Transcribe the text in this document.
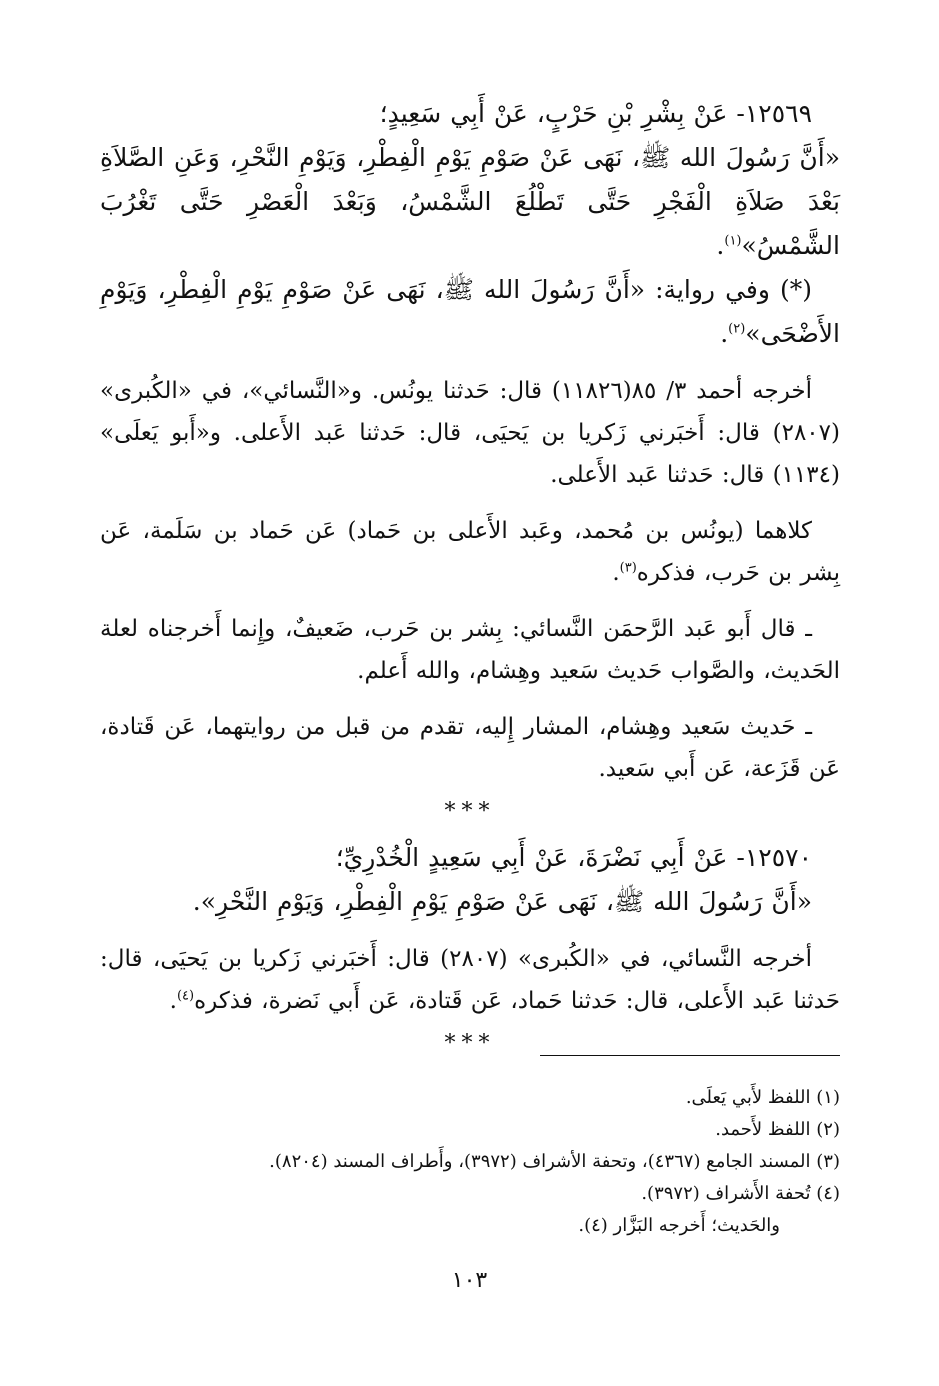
١٢٥٦٩- عَنْ بِشْرِ بْنِ حَرْبٍ، عَنْ أَبِي سَعِيدٍ؛

«أَنَّ رَسُولَ الله ﷺ، نَهَى عَنْ صَوْمِ يَوْمِ الْفِطْرِ، وَيَوْمِ النَّحْرِ، وَعَنِ الصَّلاَةِ بَعْدَ صَلاَةِ الْفَجْرِ حَتَّى تَطْلُعَ الشَّمْسُ، وَبَعْدَ الْعَصْرِ حَتَّى تَغْرُبَ الشَّمْسُ»$^{(١)}$.

(*) وفي رواية: «أَنَّ رَسُولَ الله ﷺ، نَهَى عَنْ صَوْمِ يَوْمِ الْفِطْرِ، وَيَوْمِ الأَضْحَى»$^{(٢)}$.

أخرجه أحمد ٣/ ٨٥(١١٨٢٦) قال: حَدثنا يونُس. و«النَّسائي»، في «الكُبرى» (٢٨٠٧) قال: أَخبَرني زَكريا بن يَحيَى، قال: حَدثنا عَبد الأَعلى. و«أَبو يَعلَى» (١١٣٤) قال: حَدثنا عَبد الأَعلى.

كلاهما (يونُس بن مُحمد، وعَبد الأَعلى بن حَماد) عَن حَماد بن سَلَمة، عَن بِشر بن حَرب، فذكره$^{(٣)}$.

ـ قال أَبو عَبد الرَّحمَن النَّسائي: بِشر بن حَرب، ضَعيفٌ، وإِنما أَخرجناه لعلة الحَديث، والصَّواب حَديث سَعيد وهِشام، والله أَعلم.

ـ حَديث سَعيد وهِشام، المشار إِليه، تقدم من قبل من روايتهما، عَن قَتادة، عَن قَزَعة، عَن أَبي سَعيد.

***

١٢٥٧٠- عَنْ أَبِي نَضْرَةَ، عَنْ أَبِي سَعِيدٍ الْخُدْرِيِّ؛

«أَنَّ رَسُولَ الله ﷺ، نَهَى عَنْ صَوْمِ يَوْمِ الْفِطْرِ، وَيَوْمِ النَّحْرِ».

أخرجه النَّسائي، في «الكُبرى» (٢٨٠٧) قال: أَخبَرني زَكريا بن يَحيَى، قال: حَدثنا عَبد الأَعلى، قال: حَدثنا حَماد، عَن قَتادة، عَن أَبي نَضرة، فذكره$^{(٤)}$.

***

(١) اللفظ لأَبي يَعلَى.

(٢) اللفظ لأَحمد.

(٣) المسند الجامع (٤٣٦٧)، وتحفة الأشراف (٣٩٧٢)، وأَطراف المسند (٨٢٠٤).

(٤) تُحفة الأَشراف (٣٩٧٢).

والحَديث؛ أَخرجه البَزَّار (٤).

١٠٣
